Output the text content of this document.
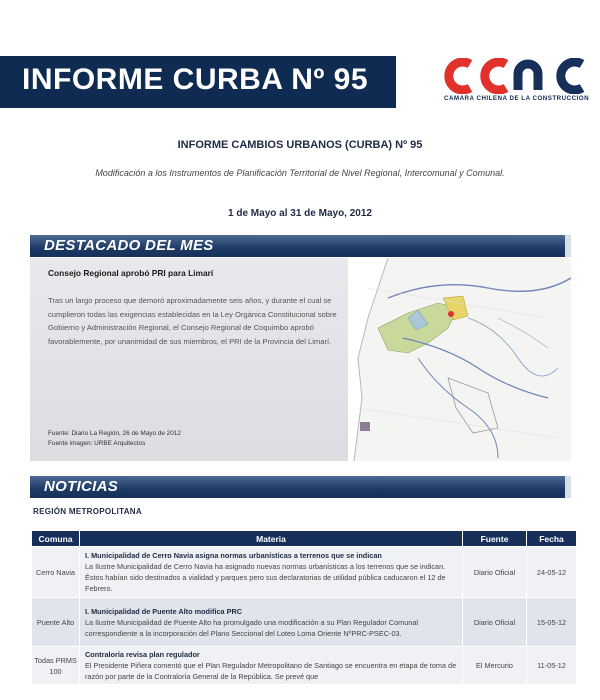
INFORME CURBA Nº 95
CAMARA CHILENA DE LA CONSTRUCCION
INFORME CAMBIOS URBANOS (CURBA) Nº 95
Modificación a los Instrumentos de Planificación Territorial de Nivel Regional, Intercomunal y Comunal.
1 de Mayo al 31 de Mayo, 2012
DESTACADO DEL MES
Consejo Regional aprobó PRI para Limarí
Tras un largo proceso que demoró aproximadamente seis años, y durante el cual se cumplieron todas las exigencias establecidas en la Ley Orgánica Constitucional sobre Gobierno y Administración Regional, el Consejo Regional de Coquimbo aprobó favorablemente, por unanimidad de sus miembros, el PRI de la Provincia del Limarí.
Fuente: Diario La Región, 26 de Mayo de 2012
Fuente imagen: URBE Arquitectos
NOTICIAS
REGIÓN METROPOLITANA
Comuna	Materia	Fuente	Fecha
Cerro Navia	I. Municipalidad de Cerro Navia asigna normas urbanísticas a terrenos que se indican
La Ilustre Municipalidad de Cerro Navia ha asignado nuevas normas urbanísticas a los terrenos que se indican. Éstos habían sido destinados a vialidad y parques pero sus declaratorias de utilidad pública caducaron el 12 de Febrero.	Diario Oficial	24-05-12
Puente Alto	I. Municipalidad de Puente Alto modifica PRC
La Ilustre Municipalidad de Puente Alto ha promulgado una modificación a su Plan Regulador Comunal correspondiente a la incorporación del Plano Seccional del Loteo Loma Oriente NºPRC-PSEC-03.	Diario Oficial	15-05-12
Todas PRMS 100	Contraloría revisa plan regulador
El Presidente Piñera comentó que el Plan Regulador Metropolitano de Santiago se encuentra en etapa de toma de razón por parte de la Contraloría General de la República. Se prevé que	El Mercurio	11-05-12
